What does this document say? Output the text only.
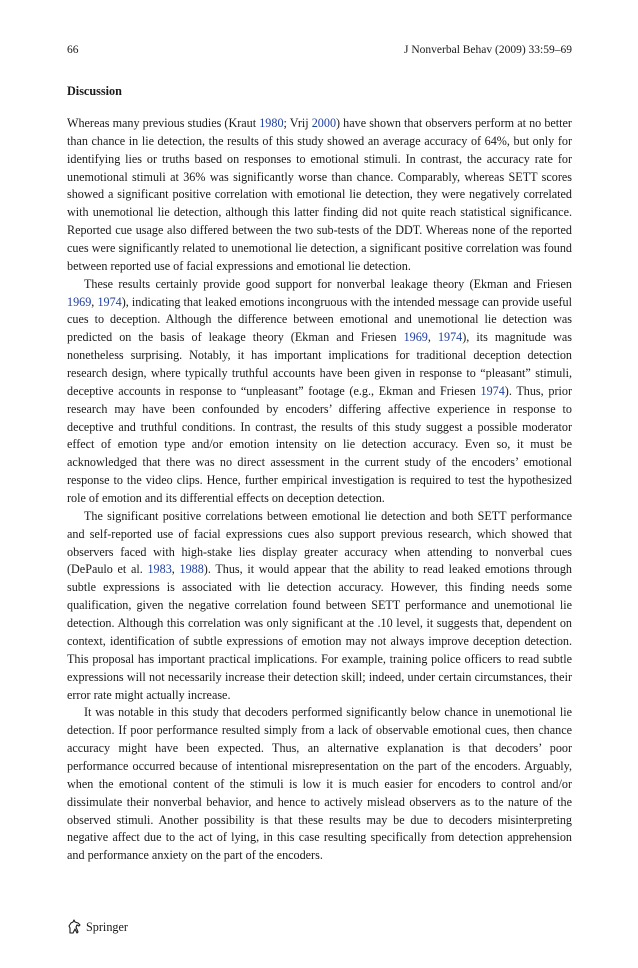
66	J Nonverbal Behav (2009) 33:59–69
Discussion

Whereas many previous studies (Kraut 1980; Vrij 2000) have shown that observers perform at no better than chance in lie detection, the results of this study showed an average accuracy of 64%, but only for identifying lies or truths based on responses to emotional stimuli. In contrast, the accuracy rate for unemotional stimuli at 36% was significantly worse than chance. Comparably, whereas SETT scores showed a significant positive correlation with emotional lie detection, they were negatively correlated with unemotional lie detection, although this latter finding did not quite reach statistical significance. Reported cue usage also differed between the two sub-tests of the DDT. Whereas none of the reported cues were significantly related to unemotional lie detection, a significant positive correlation was found between reported use of facial expressions and emotional lie detection.

These results certainly provide good support for nonverbal leakage theory (Ekman and Friesen 1969, 1974), indicating that leaked emotions incongruous with the intended message can provide useful cues to deception. Although the difference between emotional and unemotional lie detection was predicted on the basis of leakage theory (Ekman and Friesen 1969, 1974), its magnitude was nonetheless surprising. Notably, it has important implications for traditional deception detection research design, where typically truthful accounts have been given in response to “pleasant” stimuli, deceptive accounts in response to “unpleasant” footage (e.g., Ekman and Friesen 1974). Thus, prior research may have been confounded by encoders’ differing affective experience in response to deceptive and truthful conditions. In contrast, the results of this study suggest a possible moderator effect of emotion type and/or emotion intensity on lie detection accuracy. Even so, it must be acknowledged that there was no direct assessment in the current study of the encoders’ emotional response to the video clips. Hence, further empirical investigation is required to test the hypothesized role of emotion and its differential effects on deception detection.

The significant positive correlations between emotional lie detection and both SETT performance and self-reported use of facial expressions cues also support previous research, which showed that observers faced with high-stake lies display greater accuracy when attending to nonverbal cues (DePaulo et al. 1983, 1988). Thus, it would appear that the ability to read leaked emotions through subtle expressions is associated with lie detection accuracy. However, this finding needs some qualification, given the negative correlation found between SETT performance and unemotional lie detection. Although this correlation was only significant at the .10 level, it suggests that, dependent on context, identification of subtle expressions of emotion may not always improve deception detection. This proposal has important practical implications. For example, training police officers to read subtle expressions will not necessarily increase their detection skill; indeed, under certain circumstances, their error rate might actually increase.

It was notable in this study that decoders performed significantly below chance in unemotional lie detection. If poor performance resulted simply from a lack of observable emotional cues, then chance accuracy might have been expected. Thus, an alternative explanation is that decoders’ poor performance occurred because of intentional misrepresentation on the part of the encoders. Arguably, when the emotional content of the stimuli is low it is much easier for encoders to control and/or dissimulate their nonverbal behavior, and hence to actively mislead observers as to the nature of the observed stimuli. Another possibility is that these results may be due to decoders misinterpreting negative affect due to the act of lying, in this case resulting specifically from detection apprehension and performance anxiety on the part of the encoders.

Springer
